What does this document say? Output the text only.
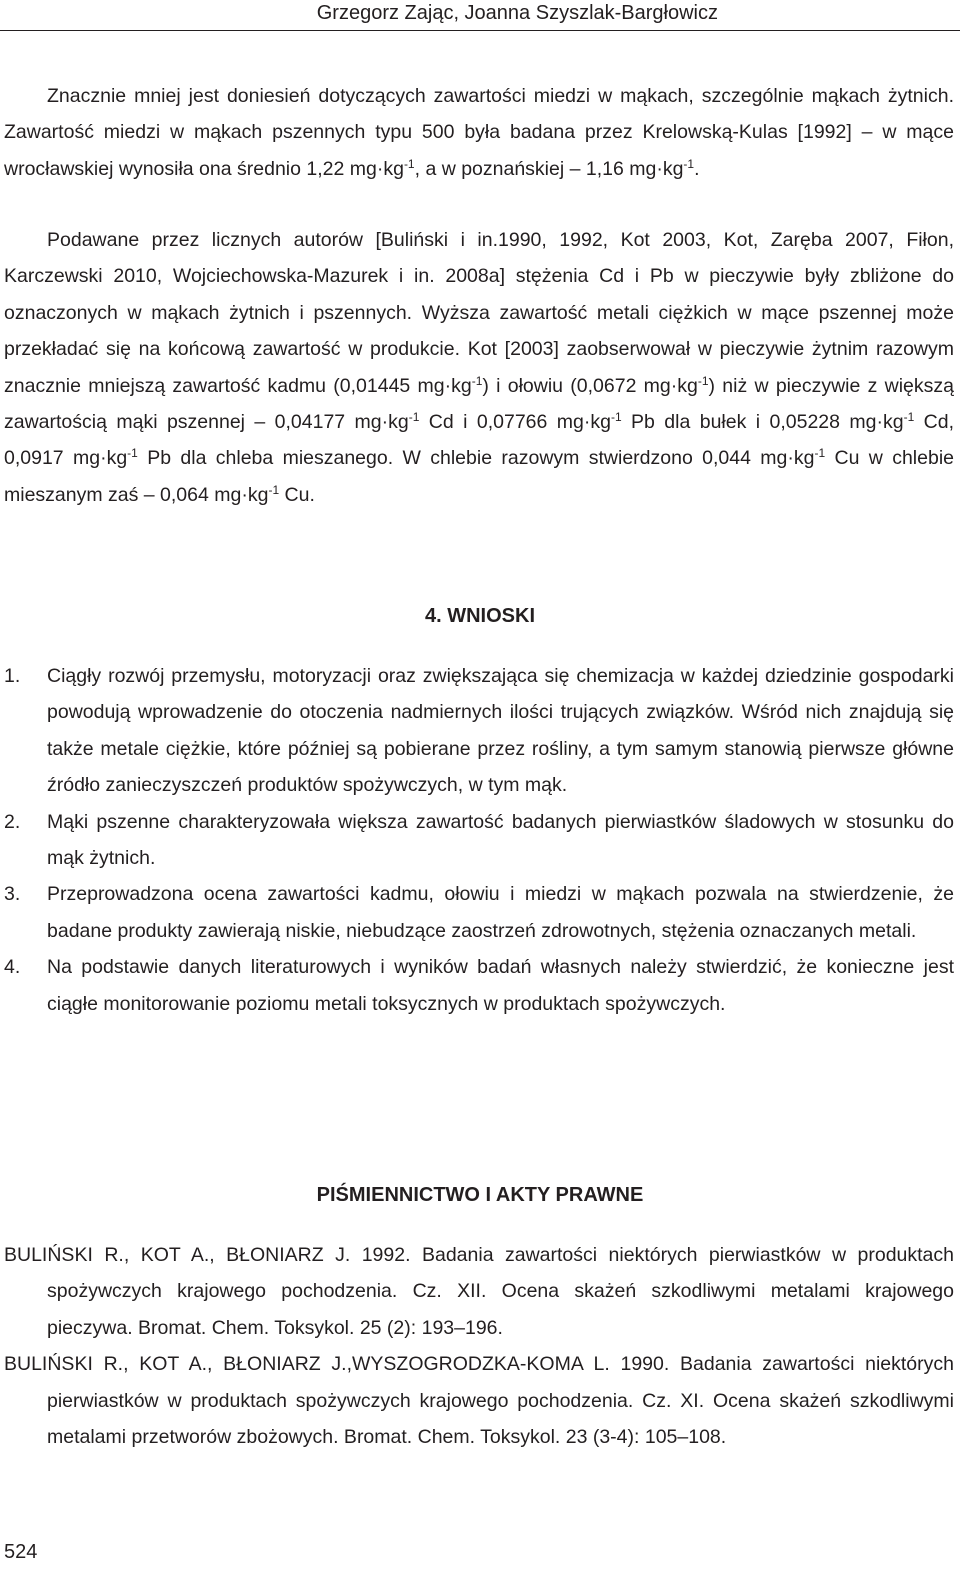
Grzegorz Zając, Joanna Szyszlak-Bargłowicz

Znacznie mniej jest doniesień dotyczących zawartości miedzi w mąkach, szczególnie mąkach żytnich. Zawartość miedzi w mąkach pszennych typu 500 była badana przez Krelowską-Kulas [1992] – w mące wrocławskiej wynosiła ona średnio 1,22 $mg\cdot kg^{-1}$, a w poznańskiej – 1,16 $mg\cdot kg^{-1}$.

Podawane przez licznych autorów [Buliński i in.1990, 1992, Kot 2003, Kot, Zaręba 2007, Fiłon, Karczewski 2010, Wojciechowska-Mazurek i in. 2008a] stężenia Cd i Pb w pieczywie były zbliżone do oznaczonych w mąkach żytnich i pszennych. Wyższa zawartość metali ciężkich w mące pszennej może przekładać się na końcową zawartość w produkcie. Kot [2003] zaobserwował w pieczywie żytnim razowym znacznie mniejszą zawartość kadmu (0,01445 $mg\cdot kg^{-1}$) i ołowiu (0,0672 $mg\cdot kg^{-1}$) niż w pieczywie z większą zawartością mąki pszennej – 0,04177 $mg\cdot kg^{-1}$ Cd i 0,07766 $mg\cdot kg^{-1}$ Pb dla bułek i 0,05228 $mg\cdot kg^{-1}$ Cd, 0,0917 $mg\cdot kg^{-1}$ Pb dla chleba mieszanego. W chlebie razowym stwierdzono 0,044 $mg\cdot kg^{-1}$ Cu w chlebie mieszanym zaś – 0,064 $mg\cdot kg^{-1}$ Cu.

4. WNIOSKI
1. Ciągły rozwój przemysłu, motoryzacji oraz zwiększająca się chemizacja w każdej dziedzinie gospodarki powodują wprowadzenie do otoczenia nadmiernych ilości trujących związków. Wśród nich znajdują się także metale ciężkie, które później są pobierane przez rośliny, a tym samym stanowią pierwsze główne źródło zanieczyszczeń produktów spożywczych, w tym mąk.
2. Mąki pszenne charakteryzowała większa zawartość badanych pierwiastków śladowych w stosunku do mąk żytnich.
3. Przeprowadzona ocena zawartości kadmu, ołowiu i miedzi w mąkach pozwala na stwierdzenie, że badane produkty zawierają niskie, niebudzące zaostrzeń zdrowotnych, stężenia oznaczanych metali.
4. Na podstawie danych literaturowych i wyników badań własnych należy stwierdzić, że konieczne jest ciągłe monitorowanie poziomu metali toksycznych w produktach spożywczych.
PIŚMIENNICTWO I AKTY PRAWNE
BULIŃSKI R., KOT A., BŁONIARZ J. 1992. Badania zawartości niektórych pierwiastków w produktach spożywczych krajowego pochodzenia. Cz. XII. Ocena skażeń szkodliwymi metalami krajowego pieczywa. Bromat. Chem. Toksykol. 25 (2): 193–196.
BULIŃSKI R., KOT A., BŁONIARZ J.,WYSZOGRODZKA-KOMA L. 1990. Badania zawartości niektórych pierwiastków w produktach spożywczych krajowego pochodzenia. Cz. XI. Ocena skażeń szkodliwymi metalami przetworów zbożowych. Bromat. Chem. Toksykol. 23 (3-4): 105–108.
524
